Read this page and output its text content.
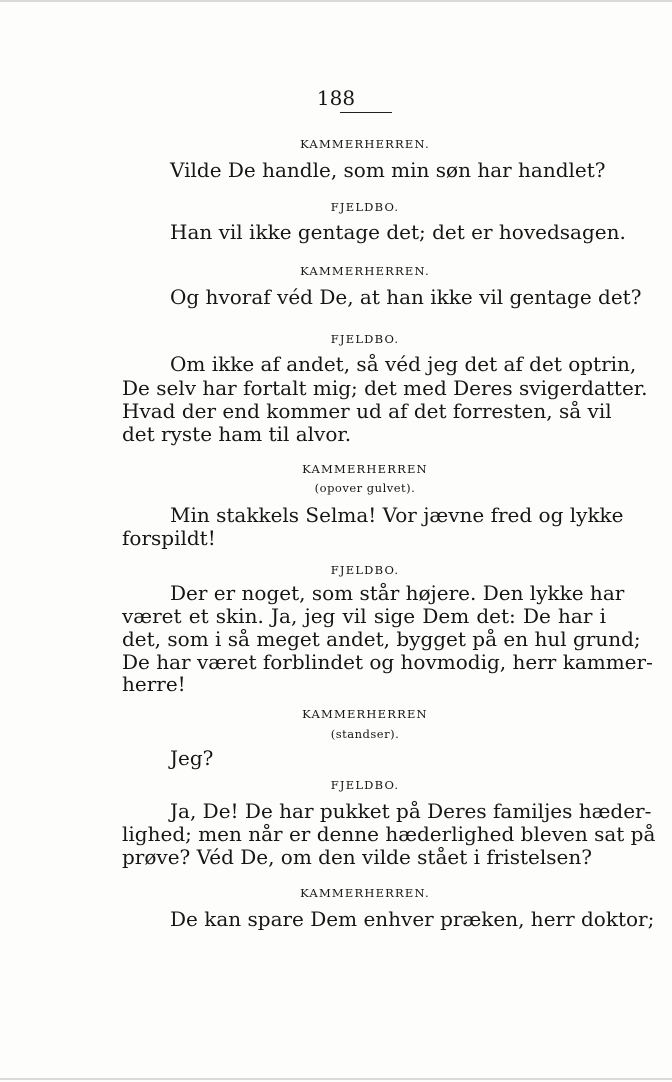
188
KAMMERHERREN.
Vilde De handle, som min søn har handlet?
FJELDBO.
Han vil ikke gentage det; det er hovedsagen.
KAMMERHERREN.
Og hvoraf véd De, at han ikke vil gentage det?
FJELDBO.
Om ikke af andet, så véd jeg det af det optrin,
De selv har fortalt mig; det med Deres svigerdatter.
Hvad der end kommer ud af det forresten, så vil
det ryste ham til alvor.
KAMMERHERREN
(opover gulvet).
Min stakkels Selma! Vor jævne fred og lykke
forspildt!
FJELDBO.
Der er noget, som står højere. Den lykke har
været et skin. Ja, jeg vil sige Dem det: De har i
det, som i så meget andet, bygget på en hul grund;
De har været forblindet og hovmodig, herr kammer-
herre!
KAMMERHERREN
(standser).
Jeg?
FJELDBO.
Ja, De! De har pukket på Deres familjes hæder-
lighed; men når er denne hæderlighed bleven sat på
prøve? Véd De, om den vilde stået i fristelsen?
KAMMERHERREN.
De kan spare Dem enhver præken, herr doktor;
